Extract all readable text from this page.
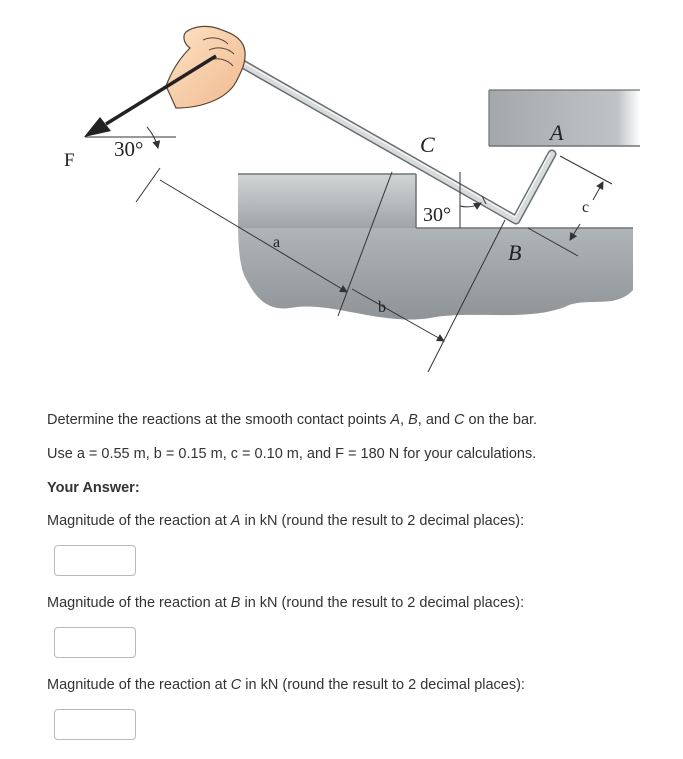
F 30°	C	A
B
30°
a
b
c
Determine the reactions at the smooth contact points A, B, and C on the bar.
Use a = 0.55 m, b = 0.15 m, c = 0.10 m, and F = 180 N for your calculations.
Your Answer:
Magnitude of the reaction at A in kN (round the result to 2 decimal places):
Magnitude of the reaction at B in kN (round the result to 2 decimal places):
Magnitude of the reaction at C in kN (round the result to 2 decimal places):
